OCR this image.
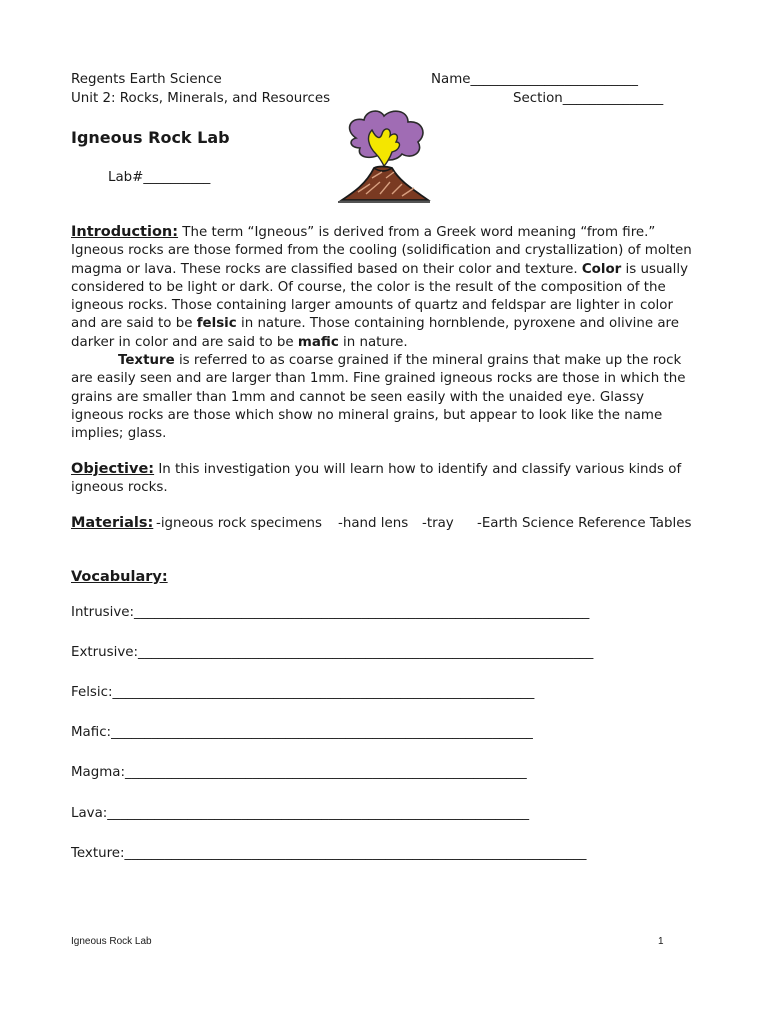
Regents Earth Science
Unit 2: Rocks, Minerals, and Resources
Name_________________________
Section_______________
Igneous Rock Lab
Lab#__________
Introduction: The term “Igneous” is derived from a Greek word meaning “from fire.”
Igneous rocks are those formed from the cooling (solidification and crystallization) of molten
magma or lava. These rocks are classified based on their color and texture. Color is usually
considered to be light or dark. Of course, the color is the result of the composition of the
igneous rocks. Those containing larger amounts of quartz and feldspar are lighter in color
and are said to be felsic in nature. Those containing hornblende, pyroxene and olivine are
darker in color and are said to be mafic in nature.
Texture is referred to as coarse grained if the mineral grains that make up the rock
are easily seen and are larger than 1mm. Fine grained igneous rocks are those in which the
grains are smaller than 1mm and cannot be seen easily with the unaided eye. Glassy
igneous rocks are those which show no mineral grains, but appear to look like the name
implies; glass.
Objective: In this investigation you will learn how to identify and classify various kinds of
igneous rocks.
Materials: -igneous rock specimens -hand lens -tray -Earth Science Reference Tables
Vocabulary:
Intrusive:____________________________________________________________________
Extrusive:____________________________________________________________________
Felsic:_______________________________________________________________
Mafic:_______________________________________________________________
Magma:____________________________________________________________
Lava:_______________________________________________________________
Texture:_____________________________________________________________________
Igneous Rock Lab	1
